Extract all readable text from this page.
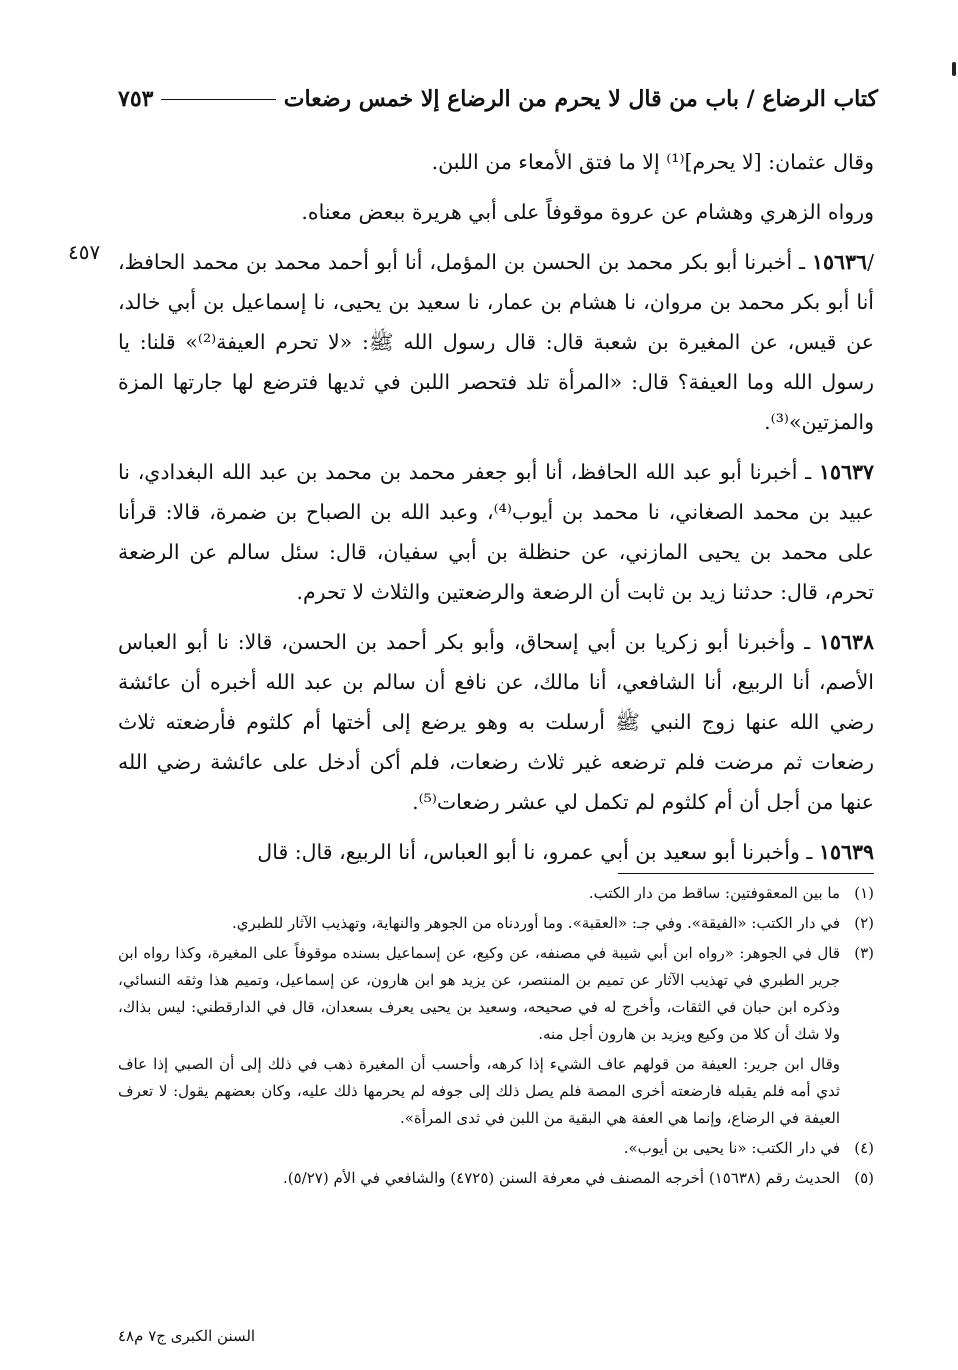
كتاب الرضاع / باب من قال لا يحرم من الرضاع إلا خمس رضعات
٧٥٣
٤٥٧

وقال عثمان: [لا يحرم]⁽¹⁾ إلا ما فتق الأمعاء من اللبن.

ورواه الزهري وهشام عن عروة موقوفاً على أبي هريرة ببعض معناه.

/١٥٦٣٦ ـ أخبرنا أبو بكر محمد بن الحسن بن المؤمل، أنا أبو أحمد محمد بن محمد الحافظ، أنا أبو بكر محمد بن مروان، نا هشام بن عمار، نا سعيد بن يحيى، نا إسماعيل بن أبي خالد، عن قيس، عن المغيرة بن شعبة قال: قال رسول الله ﷺ: «لا تحرم العيفة⁽²⁾» قلنا: يا رسول الله وما العيفة؟ قال: «المرأة تلد فتحصر اللبن في ثديها فترضع لها جارتها المزة والمزتين»⁽³⁾.

١٥٦٣٧ ـ أخبرنا أبو عبد الله الحافظ، أنا أبو جعفر محمد بن محمد بن عبد الله البغدادي، نا عبيد بن محمد الصغاني، نا محمد بن أيوب⁽⁴⁾، وعبد الله بن الصباح بن ضمرة، قالا: قرأنا على محمد بن يحيى المازني، عن حنظلة بن أبي سفيان، قال: سئل سالم عن الرضعة تحرم، قال: حدثنا زيد بن ثابت أن الرضعة والرضعتين والثلاث لا تحرم.

١٥٦٣٨ ـ وأخبرنا أبو زكريا بن أبي إسحاق، وأبو بكر أحمد بن الحسن، قالا: نا أبو العباس الأصم، أنا الربيع، أنا الشافعي، أنا مالك، عن نافع أن سالم بن عبد الله أخبره أن عائشة رضي الله عنها زوج النبي ﷺ أرسلت به وهو يرضع إلى أختها أم كلثوم فأرضعته ثلاث رضعات ثم مرضت فلم ترضعه غير ثلاث رضعات، فلم أكن أدخل على عائشة رضي الله عنها من أجل أن أم كلثوم لم تكمل لي عشر رضعات⁽⁵⁾.

١٥٦٣٩ ـ وأخبرنا أبو سعيد بن أبي عمرو، نا أبو العباس، أنا الربيع، قال: قال

(١)
ما بين المعقوفتين: ساقط من دار الكتب.
(٢)
في دار الكتب: «الفيقة». وفي جـ: «العقبة». وما أوردناه من الجوهر والنهاية، وتهذيب الآثار للطبري.
(٣)
قال في الجوهر: «رواه ابن أبي شيبة في مصنفه، عن وكيع، عن إسماعيل بسنده موقوفاً على المغيرة، وكذا رواه ابن جرير الطبري في تهذيب الآثار عن تميم بن المنتصر، عن يزيد هو ابن هارون، عن إسماعيل، وتميم هذا وثقه النسائي، وذكره ابن حبان في الثقات، وأخرج له في صحيحه، وسعيد بن يحيى يعرف بسعدان، قال في الدارقطني: ليس بذاك، ولا شك أن كلا من وكيع ويزيد بن هارون أجل منه.
وقال ابن جرير: العيفة من قولهم عاف الشيء إذا كرهه، وأحسب أن المغيرة ذهب في ذلك إلى أن الصبي إذا عاف ثدي أمه فلم يقبله فارضعته أخرى المصة فلم يصل ذلك إلى جوفه لم يحرمها ذلك عليه، وكان بعضهم يقول: لا تعرف العيفة في الرضاع، وإنما هي العفة هي البقية من اللبن في ثدى المرأة».
(٤)
في دار الكتب: «نا يحيى بن أيوب».
(٥)
الحديث رقم (١٥٦٣٨) أخرجه المصنف في معرفة السنن (٤٧٢٥) والشافعي في الأم (٥/٢٧).
السنن الكبرى ج٧ م٤٨
